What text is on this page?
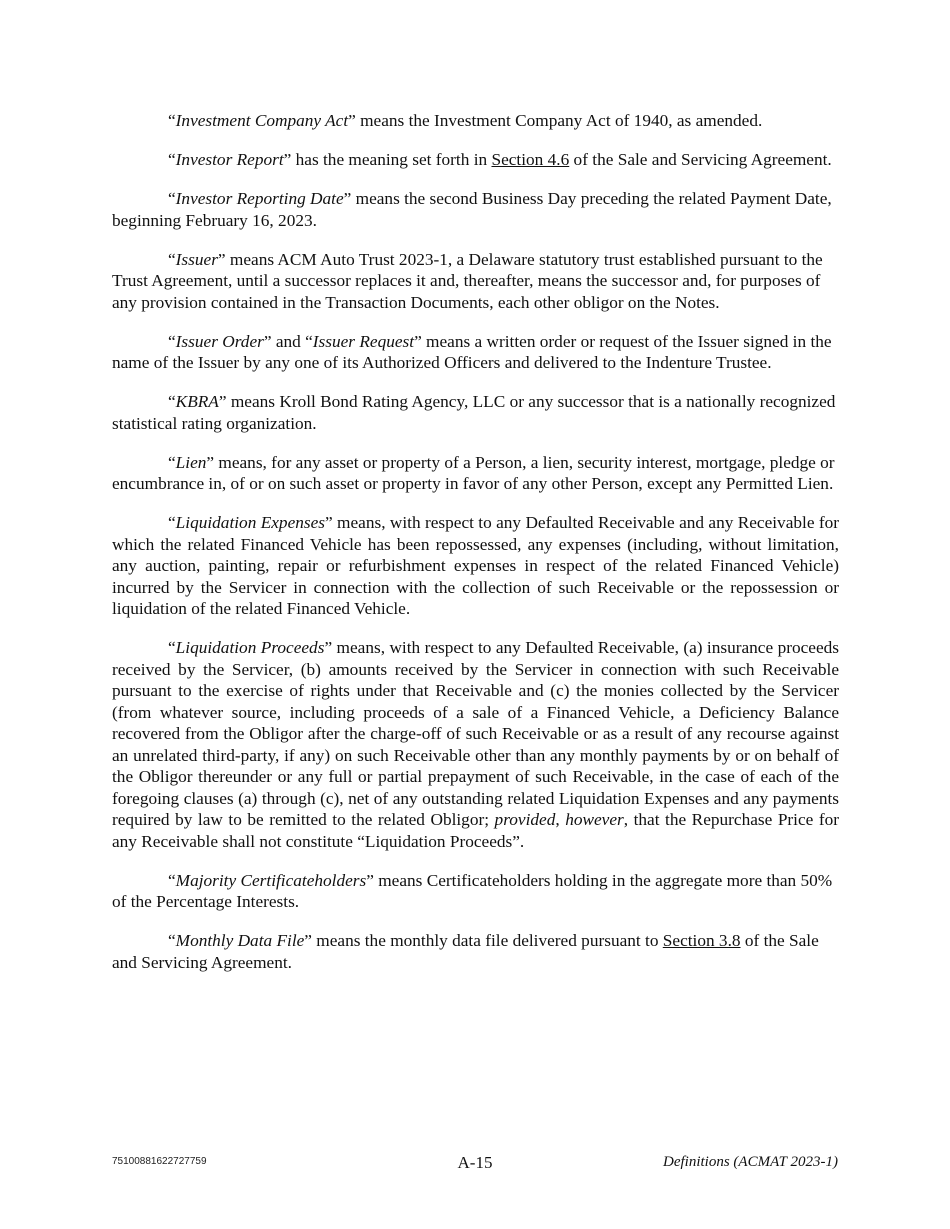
“Investment Company Act” means the Investment Company Act of 1940, as amended.

“Investor Report” has the meaning set forth in Section 4.6 of the Sale and Servicing Agreement.

“Investor Reporting Date” means the second Business Day preceding the related Payment Date, beginning February 16, 2023.

“Issuer” means ACM Auto Trust 2023-1, a Delaware statutory trust established pursuant to the Trust Agreement, until a successor replaces it and, thereafter, means the successor and, for purposes of any provision contained in the Transaction Documents, each other obligor on the Notes.

“Issuer Order” and “Issuer Request” means a written order or request of the Issuer signed in the name of the Issuer by any one of its Authorized Officers and delivered to the Indenture Trustee.

“KBRA” means Kroll Bond Rating Agency, LLC or any successor that is a nationally recognized statistical rating organization.

“Lien” means, for any asset or property of a Person, a lien, security interest, mortgage, pledge or encumbrance in, of or on such asset or property in favor of any other Person, except any Permitted Lien.

“Liquidation Expenses” means, with respect to any Defaulted Receivable and any Receivable for which the related Financed Vehicle has been repossessed, any expenses (including, without limitation, any auction, painting, repair or refurbishment expenses in respect of the related Financed Vehicle) incurred by the Servicer in connection with the collection of such Receivable or the repossession or liquidation of the related Financed Vehicle.

“Liquidation Proceeds” means, with respect to any Defaulted Receivable, (a) insurance proceeds received by the Servicer, (b) amounts received by the Servicer in connection with such Receivable pursuant to the exercise of rights under that Receivable and (c) the monies collected by the Servicer (from whatever source, including proceeds of a sale of a Financed Vehicle, a Deficiency Balance recovered from the Obligor after the charge-off of such Receivable or as a result of any recourse against an unrelated third-party, if any) on such Receivable other than any monthly payments by or on behalf of the Obligor thereunder or any full or partial prepayment of such Receivable, in the case of each of the foregoing clauses (a) through (c), net of any outstanding related Liquidation Expenses and any payments required by law to be remitted to the related Obligor; provided, however, that the Repurchase Price for any Receivable shall not constitute “Liquidation Proceeds”.

“Majority Certificateholders” means Certificateholders holding in the aggregate more than 50% of the Percentage Interests.

“Monthly Data File” means the monthly data file delivered pursuant to Section 3.8 of the Sale and Servicing Agreement.

75100881622727759	A-15	Definitions (ACMAT 2023-1)
